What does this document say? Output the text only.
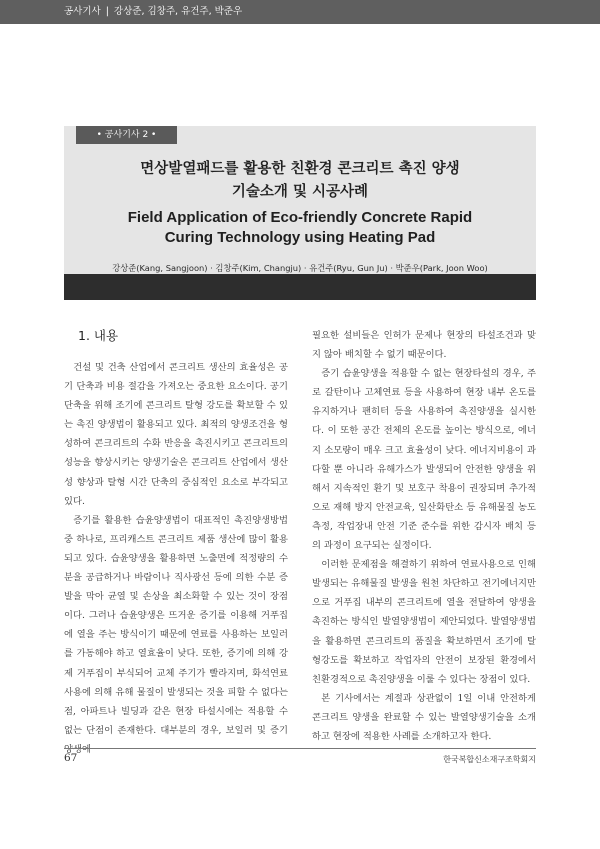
공사기사 | 강상준, 김창주, 유건주, 박준우
• 공사기사 2 •
면상발열패드를 활용한 친환경 콘크리트 촉진 양생
기술소개 및 시공사례
Field Application of Eco-friendly Concrete Rapid
Curing Technology using Heating Pad
강상준(Kang, Sangjoon) · 김창주(Kim, Changju) · 유건주(Ryu, Gun Ju) · 박준우(Park, Joon Woo)
1. 내용

건설 및 건축 산업에서 콘크리트 생산의 효율성은 공기 단축과 비용 절감을 가져오는 중요한 요소이다. 공기단축을 위해 조기에 콘크리트 탈형 강도를 확보할 수 있는 촉진 양생법이 활용되고 있다. 최적의 양생조건을 형성하여 콘크리트의 수화 반응을 촉진시키고 콘크리트의 성능을 향상시키는 양생기술은 콘크리트 산업에서 생산성 향상과 탈형 시간 단축의 중심적인 요소로 부각되고 있다.

증기를 활용한 습윤양생법이 대표적인 촉진양생방법 중 하나로, 프리캐스트 콘크리트 제품 생산에 많이 활용되고 있다. 습윤양생을 활용하면 노출면에 적정량의 수분을 공급하거나 바람이나 직사광선 등에 의한 수분 증발을 막아 균열 및 손상을 최소화할 수 있는 것이 장점이다. 그러나 습윤양생은 뜨거운 증기를 이용해 거푸집에 열을 주는 방식이기 때문에 연료를 사용하는 보일러를 가동해야 하고 열효율이 낮다. 또한, 증기에 의해 강제 거푸집이 부식되어 교체 주기가 빨라지며, 화석연료 사용에 의해 유해 물질이 발생되는 것을 피할 수 없다는 점, 아파트나 빌딩과 같은 현장 타설시에는 적용할 수 없는 단점이 존재한다. 대부분의 경우, 보일러 및 증기양생에

필요한 설비들은 인허가 문제나 현장의 타설조건과 맞지 않아 배치할 수 없기 때문이다.

증기 습윤양생을 적용할 수 없는 현장타설의 경우, 주로 갈탄이나 고체연료 등을 사용하여 현장 내부 온도를 유지하거나 팬히터 등을 사용하여 촉진양생을 실시한다. 이 또한 공간 전체의 온도를 높이는 방식으로, 에너지 소모량이 매우 크고 효율성이 낮다. 에너지비용이 과다할 뿐 아니라 유해가스가 발생되어 안전한 양생을 위해서 지속적인 환기 및 보호구 착용이 권장되며 추가적으로 재해 방지 안전교육, 일산화탄소 등 유해물질 농도측정, 작업장내 안전 기준 준수를 위한 감시자 배치 등의 과정이 요구되는 실정이다.

이러한 문제점을 해결하기 위하여 연료사용으로 인해 발생되는 유해물질 발생을 원천 차단하고 전기에너지만으로 거푸집 내부의 콘크리트에 열을 전달하여 양생을 촉진하는 방식인 발열양생법이 제안되었다. 발열양생법을 활용하면 콘크리트의 품질을 확보하면서 조기에 탈형강도를 확보하고 작업자의 안전이 보장된 환경에서 친환경적으로 촉진양생을 이룰 수 있다는 장점이 있다.

본 기사에서는 계절과 상관없이 1일 이내 안전하게 콘크리트 양생을 완료할 수 있는 발열양생기술을 소개하고 현장에 적용한 사례를 소개하고자 한다.

67	한국복합신소재구조학회지
